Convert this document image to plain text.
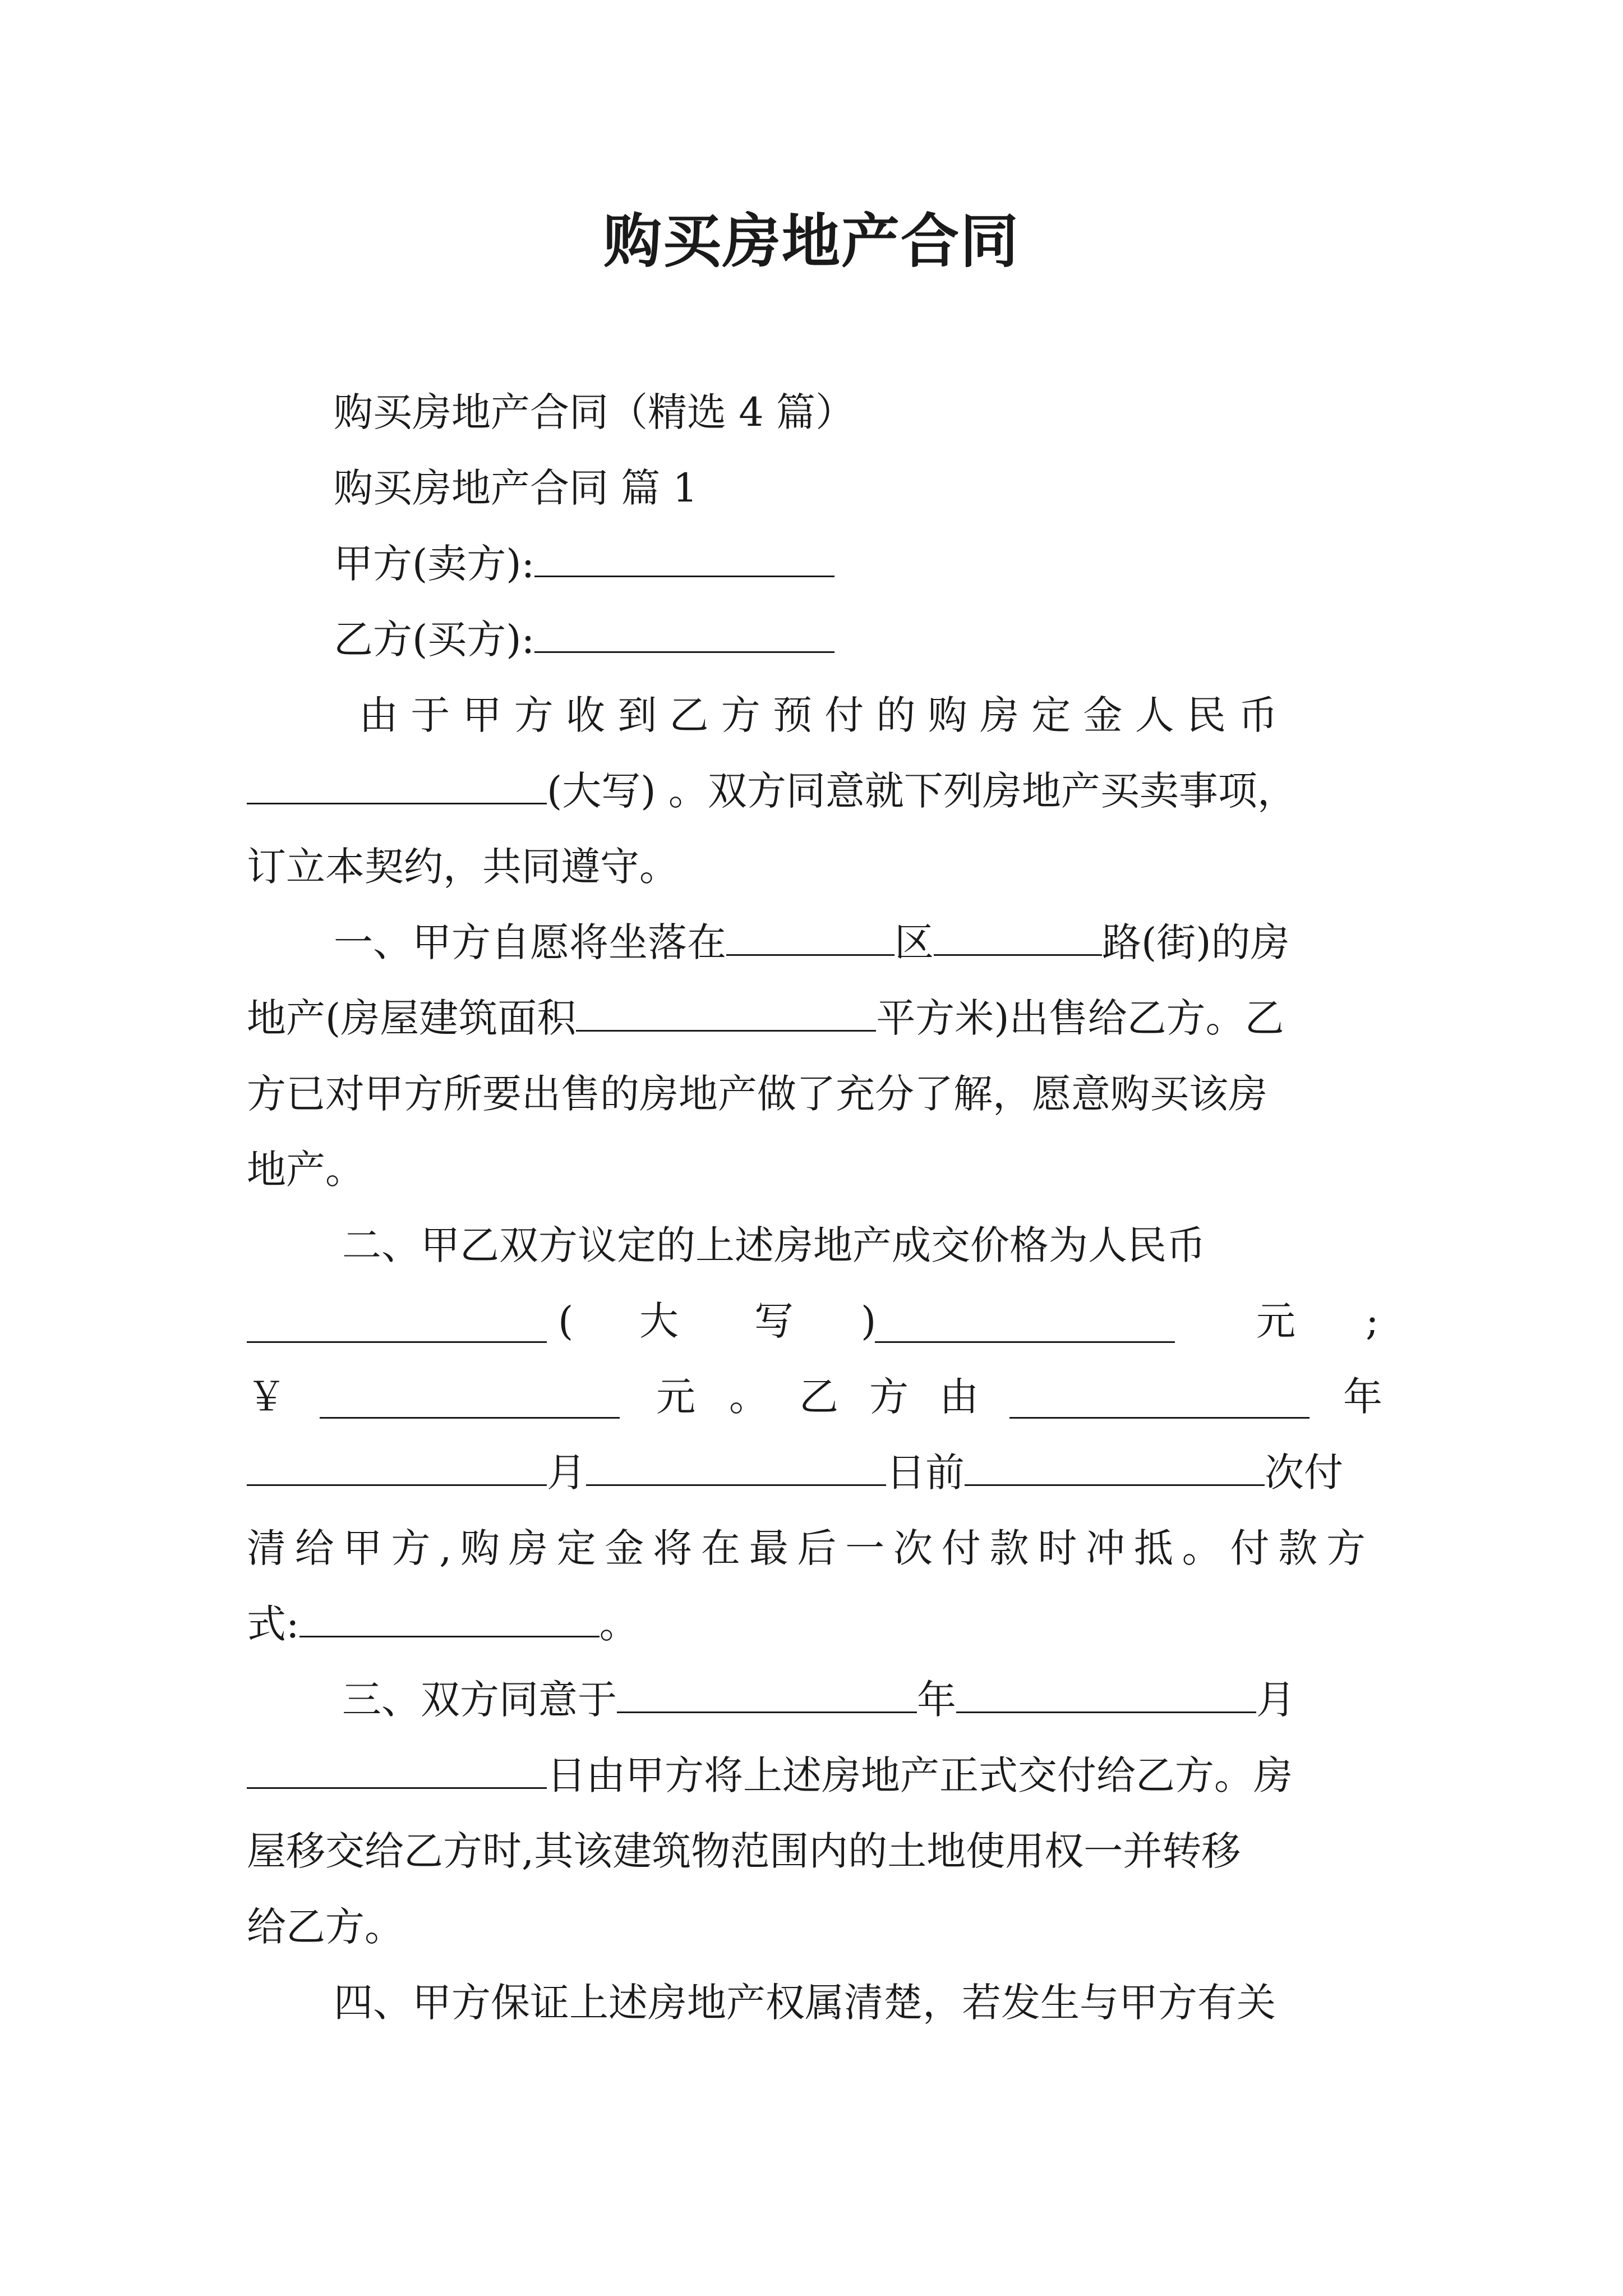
购买房地产合同

购买房地产合同（精选 4 篇）

购买房地产合同 篇 1

甲方(卖方):

乙方(买方):

由 于 甲 方 收 到 乙 方 预 付 的 购 房 定 金 人 民 币

(大写) 。双方同意就下列房地产买卖事项，

订立本契约，共同遵守。

一、甲方自愿将坐落在	区	路(街)的房

地产(房屋建筑面积	平方米)出售给乙方。乙

方已对甲方所要出售的房地产做了充分了解，愿意购买该房

地产。

二、甲乙双方议定的上述房地产成交价格为人民币

( 大 写 )	元 ;
￥	元 。 乙 方 由	年

月	日前	次付

清给甲方,购房定金将在最后一次付款时冲抵。付款方

式:	。

三、双方同意于	年	月

日由甲方将上述房地产正式交付给乙方。房

屋移交给乙方时,其该建筑物范围内的土地使用权一并转移

给乙方。

四、甲方保证上述房地产权属清楚，若发生与甲方有关
